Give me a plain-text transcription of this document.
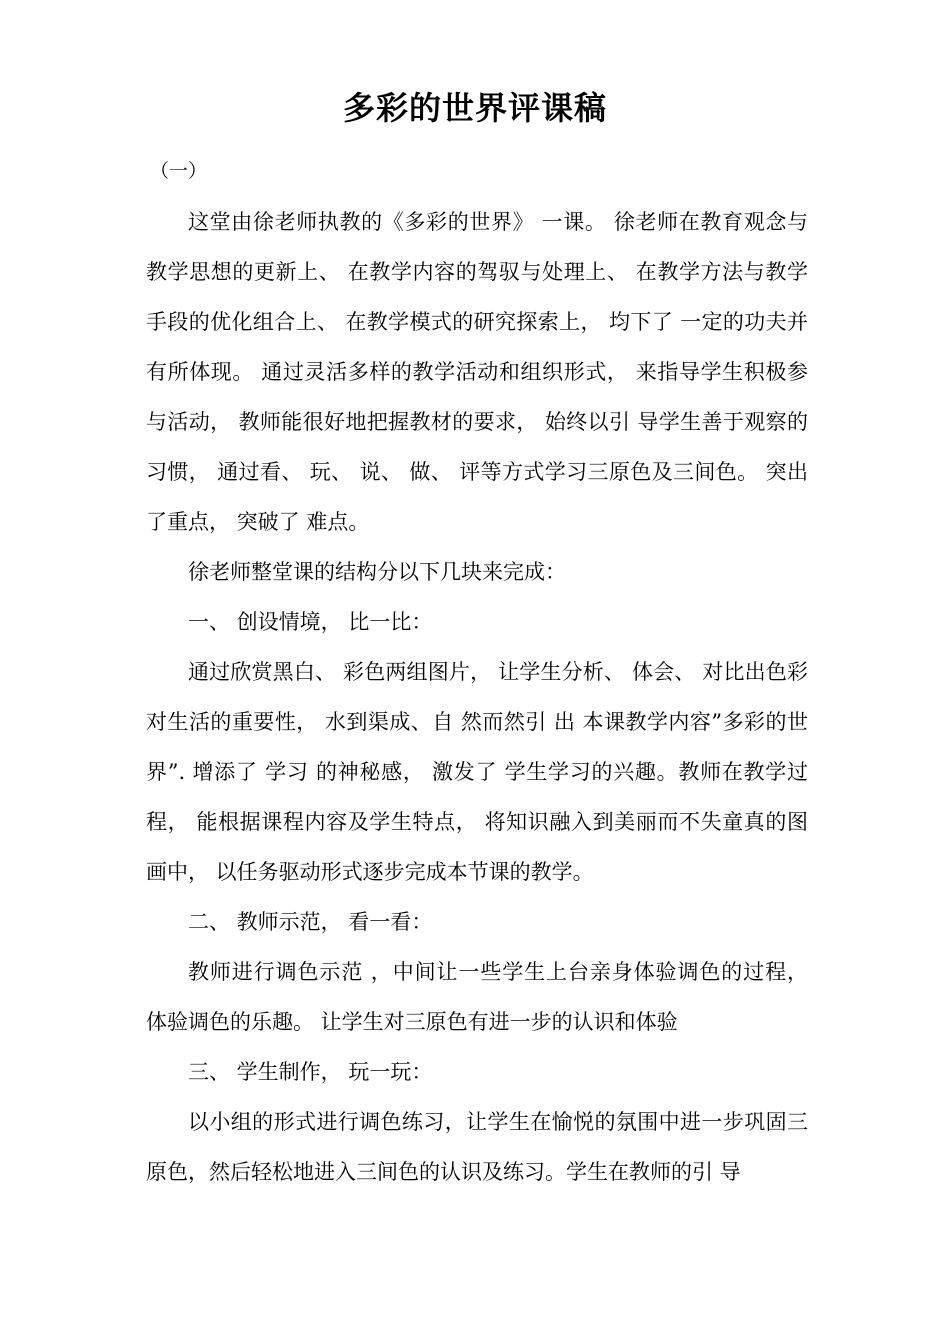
多彩的世界评课稿
（一）

这堂由徐老师执教的《多彩的世界》 一课。 徐老师在教育观念与教学思想的更新上、 在教学内容的驾驭与处理上、 在教学方法与教学手段的优化组合上、 在教学模式的研究探索上， 均下了 一定的功夫并有所体现。 通过灵活多样的教学活动和组织形式， 来指导学生积极参与活动， 教师能很好地把握教材的要求， 始终以引 导学生善于观察的习惯， 通过看、 玩、 说、 做、 评等方式学习三原色及三间色。 突出了重点， 突破了 难点。

徐老师整堂课的结构分以下几块来完成：

一、 创设情境， 比一比：

通过欣赏黑白、 彩色两组图片， 让学生分析、 体会、 对比出色彩对生活的重要性， 水到渠成、自 然而然引 出 本课教学内容”多彩的世界”. 增添了 学习 的神秘感， 激发了 学生学习的兴趣。教师在教学过程， 能根据课程内容及学生特点， 将知识融入到美丽而不失童真的图画中， 以任务驱动形式逐步完成本节课的教学。

二、 教师示范， 看一看：

教师进行调色示范 ，中间让一些学生上台亲身体验调色的过程， 体验调色的乐趣。 让学生对三原色有进一步的认识和体验

三、 学生制作， 玩一玩：

以小组的形式进行调色练习，让学生在愉悦的氛围中进一步巩固三原色，然后轻松地进入三间色的认识及练习。学生在教师的引 导
